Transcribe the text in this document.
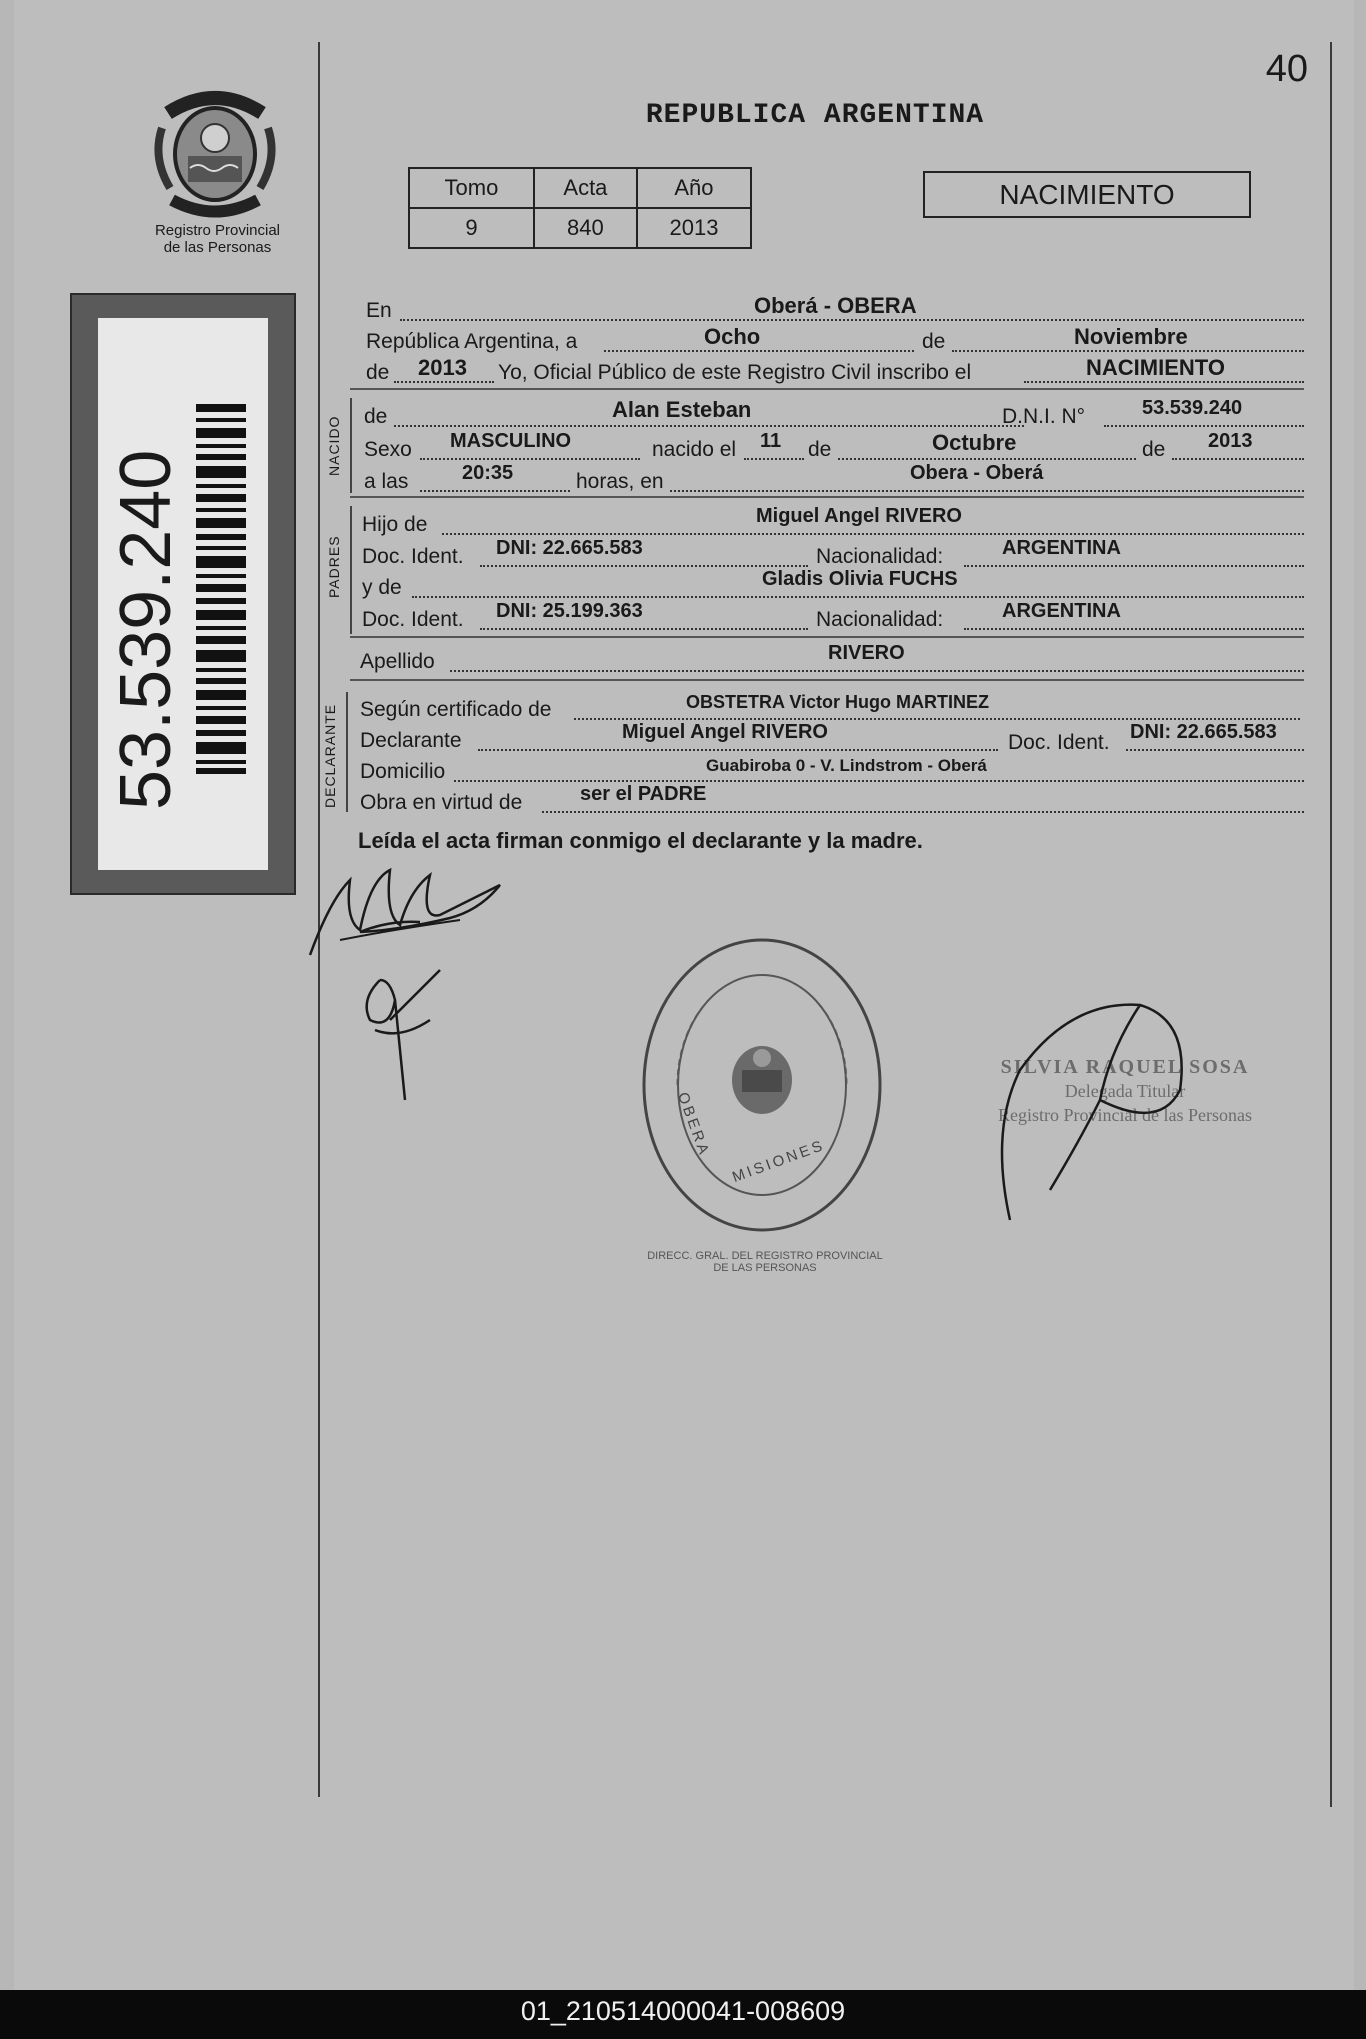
40
REPUBLICA ARGENTINA
Registro Provincial
de las Personas
53.539.240
Tomo	Acta	Año
9	840	2013
NACIMIENTO
En	Oberá - OBERA
República Argentina, a	Ocho	de	Noviembre
de 2013 Yo, Oficial Público de este Registro Civil inscribo el	NACIMIENTO
NACIDO de	Alan Esteban	D.N.I. N°	53.539.240
Sexo MASCULINO	nacido el 11 de	Octubre	de 2013
a las	20:35	horas, en	Obera - Oberá
PADRES
Hijo de	Miguel Angel RIVERO
Doc. Ident. DNI: 22.665.583	Nacionalidad:	ARGENTINA
y de	Gladis Olivia FUCHS
Doc. Ident. DNI: 25.199.363	Nacionalidad:	ARGENTINA
Apellido	RIVERO
DECLARANTE Según certificado de	OBSTETRA Victor Hugo MARTINEZ
Declarante	Miguel Angel RIVERO	Doc. Ident. DNI: 22.665.583
Domicilio	Guabiroba 0 - V. Lindstrom - Oberá
Obra en virtud de	ser el PADRE
Leída el acta firman conmigo el declarante y la madre.
DIRECC. GRAL. DEL REGISTRO PROVINCIAL DE LAS PERSONAS
OBERA
MISIONES
SILVIA RAQUEL SOSA
Delegada Titular
Registro Provincial de las Personas
01_210514000041-008609
